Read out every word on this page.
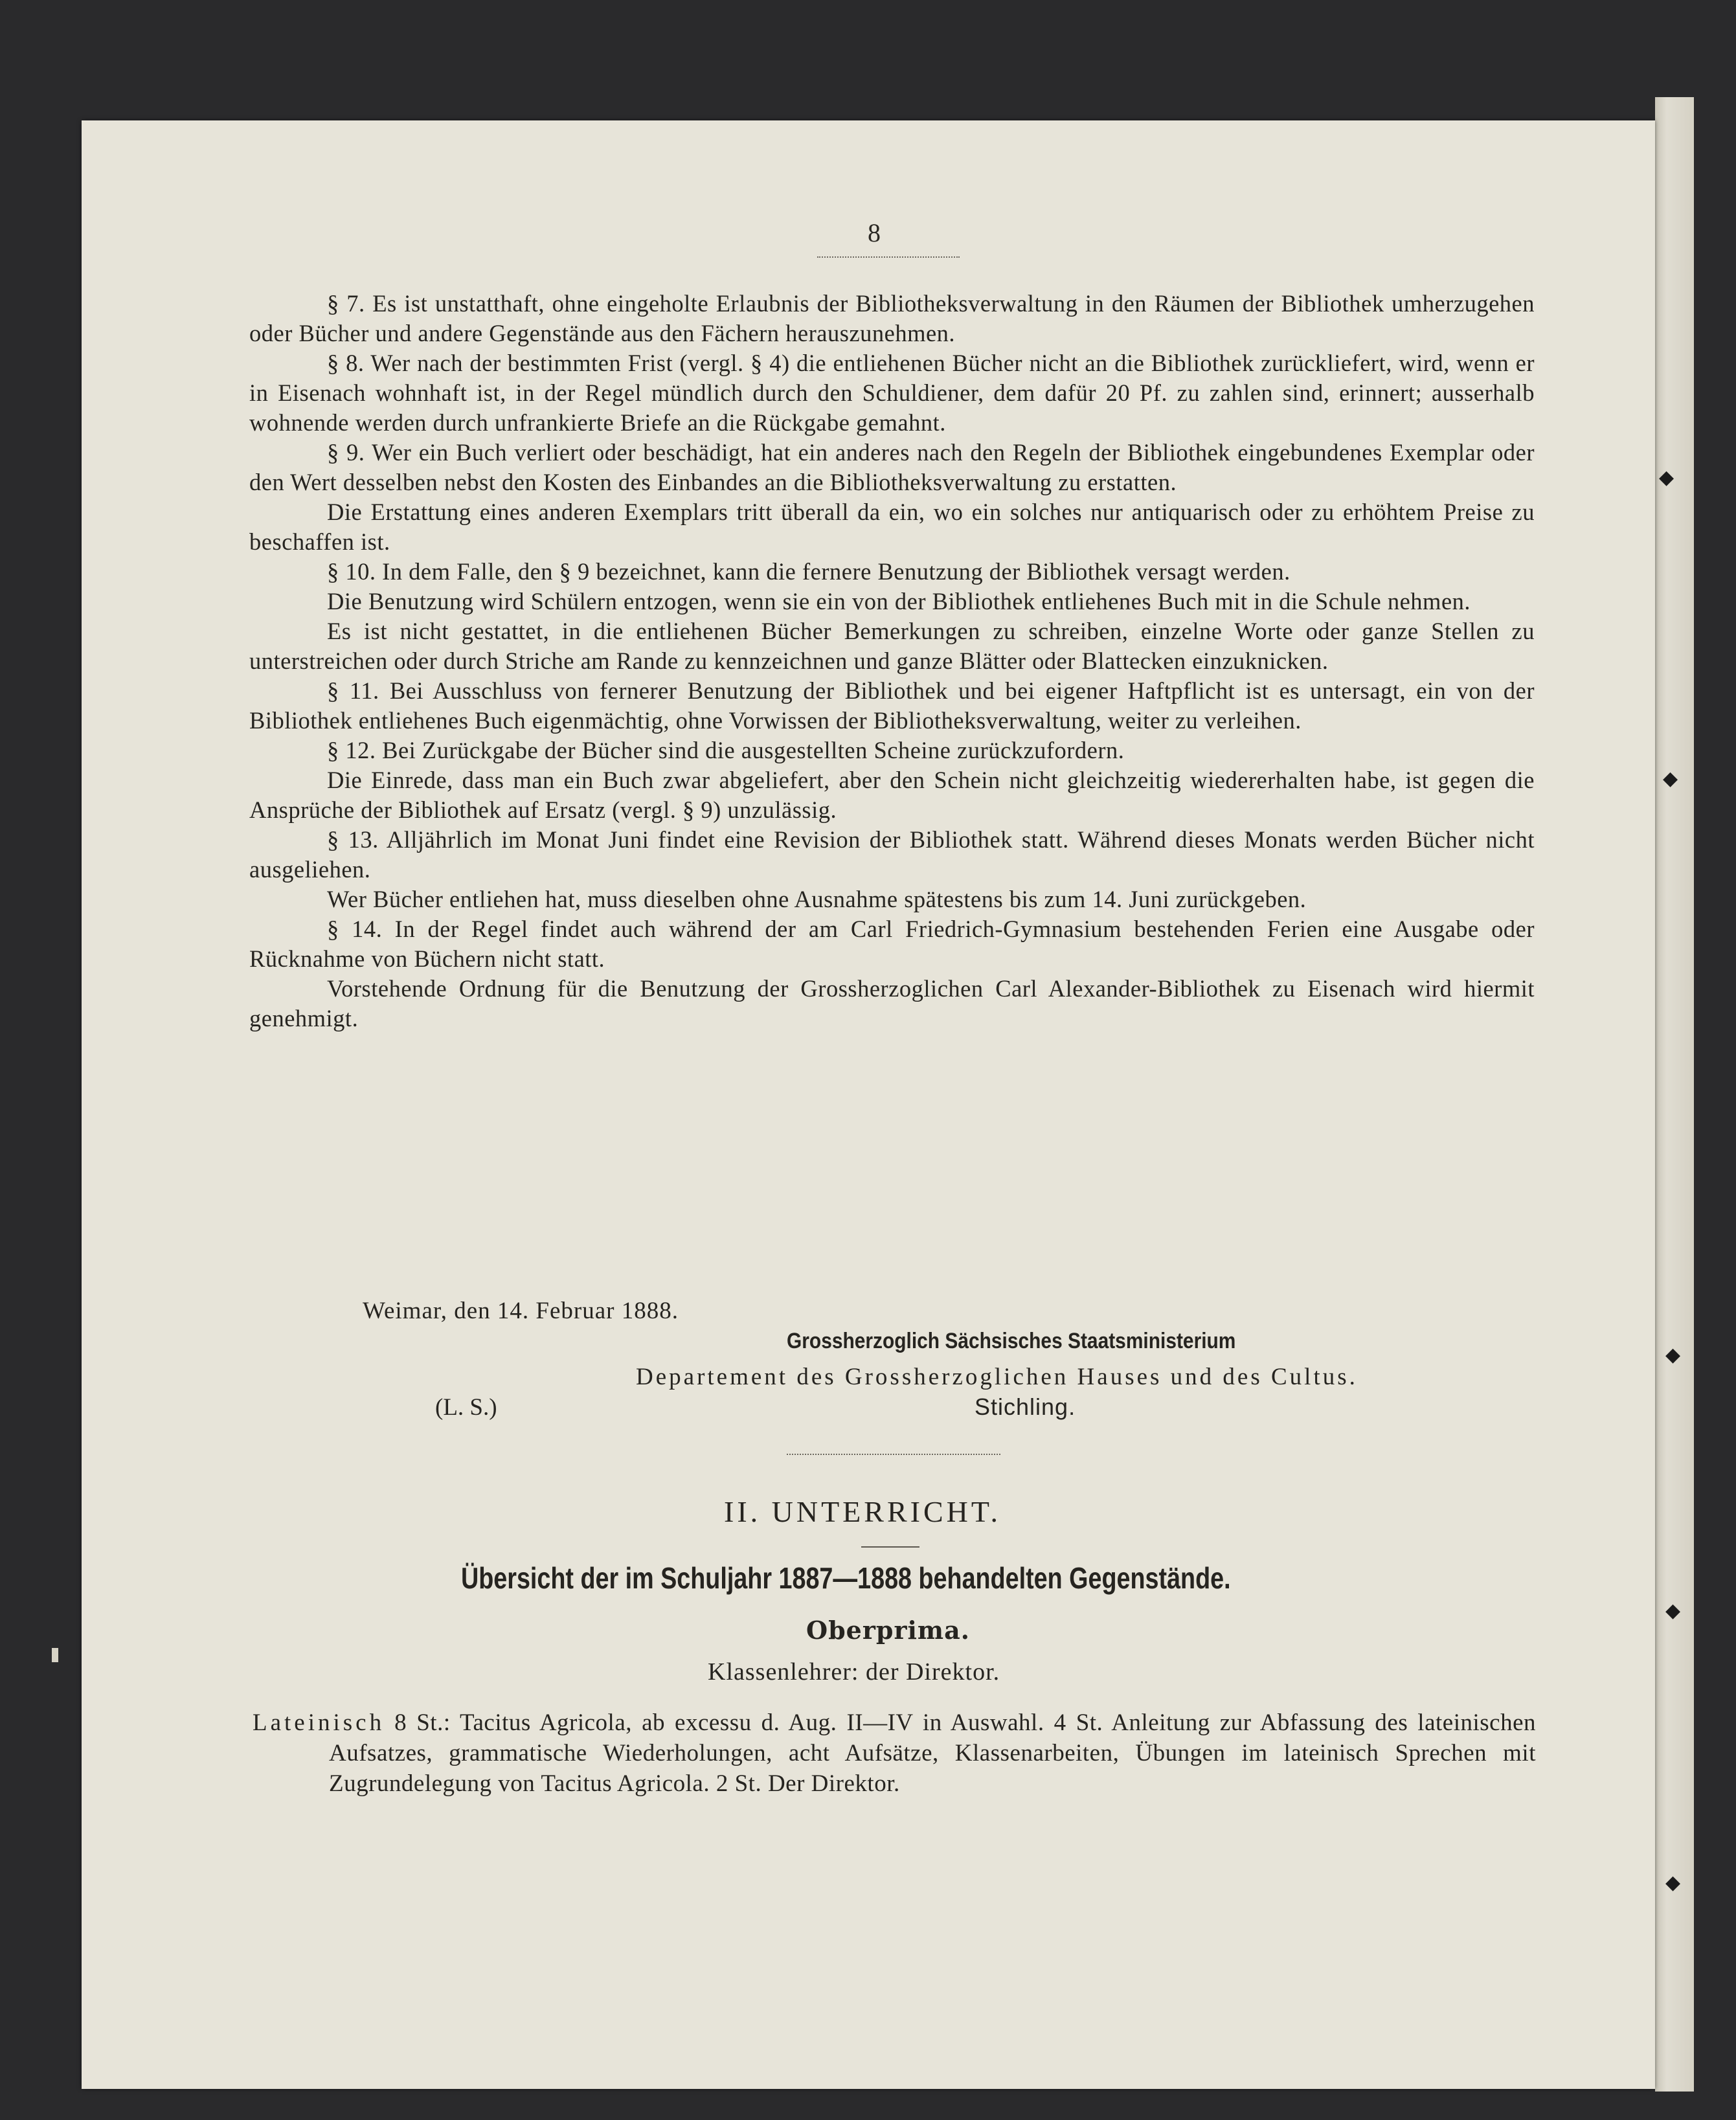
8

§ 7. Es ist unstatthaft, ohne eingeholte Erlaubnis der Bibliotheksverwaltung in den Räumen der Bibliothek umherzugehen oder Bücher und andere Gegenstände aus den Fächern herauszunehmen.

§ 8. Wer nach der bestimmten Frist (vergl. § 4) die entliehenen Bücher nicht an die Bibliothek zurückliefert, wird, wenn er in Eisenach wohnhaft ist, in der Regel mündlich durch den Schuldiener, dem dafür 20 Pf. zu zahlen sind, erinnert; ausserhalb wohnende werden durch unfrankierte Briefe an die Rückgabe gemahnt.

§ 9. Wer ein Buch verliert oder beschädigt, hat ein anderes nach den Regeln der Bibliothek eingebundenes Exemplar oder den Wert desselben nebst den Kosten des Einbandes an die Bibliotheksverwaltung zu erstatten.

Die Erstattung eines anderen Exemplars tritt überall da ein, wo ein solches nur antiquarisch oder zu erhöhtem Preise zu beschaffen ist.

§ 10. In dem Falle, den § 9 bezeichnet, kann die fernere Benutzung der Bibliothek versagt werden.

Die Benutzung wird Schülern entzogen, wenn sie ein von der Bibliothek entliehenes Buch mit in die Schule nehmen.

Es ist nicht gestattet, in die entliehenen Bücher Bemerkungen zu schreiben, einzelne Worte oder ganze Stellen zu unterstreichen oder durch Striche am Rande zu kennzeichnen und ganze Blätter oder Blattecken einzuknicken.

§ 11. Bei Ausschluss von fernerer Benutzung der Bibliothek und bei eigener Haftpflicht ist es untersagt, ein von der Bibliothek entliehenes Buch eigenmächtig, ohne Vorwissen der Bibliotheksverwaltung, weiter zu verleihen.

§ 12. Bei Zurückgabe der Bücher sind die ausgestellten Scheine zurückzufordern.

Die Einrede, dass man ein Buch zwar abgeliefert, aber den Schein nicht gleichzeitig wiedererhalten habe, ist gegen die Ansprüche der Bibliothek auf Ersatz (vergl. § 9) unzulässig.

§ 13. Alljährlich im Monat Juni findet eine Revision der Bibliothek statt. Während dieses Monats werden Bücher nicht ausgeliehen.

Wer Bücher entliehen hat, muss dieselben ohne Ausnahme spätestens bis zum 14. Juni zurückgeben.

§ 14. In der Regel findet auch während der am Carl Friedrich-Gymnasium bestehenden Ferien eine Ausgabe oder Rücknahme von Büchern nicht statt.

Vorstehende Ordnung für die Benutzung der Grossherzoglichen Carl Alexander-Bibliothek zu Eisenach wird hiermit genehmigt.

Weimar, den 14. Februar 1888.
Grossherzoglich Sächsisches Staatsministerium
Departement des Grossherzoglichen Hauses und des Cultus.
(L. S.)	Stichling.
II. UNTERRICHT.
Übersicht der im Schuljahr 1887—1888 behandelten Gegenstände.
Oberprima.
Klassenlehrer: der Direktor.

Lateinisch 8 St.: Tacitus Agricola, ab excessu d. Aug. II—IV in Auswahl. 4 St. Anleitung zur Abfassung des lateinischen Aufsatzes, grammatische Wiederholungen, acht Aufsätze, Klassenarbeiten, Übungen im lateinisch Sprechen mit Zugrundelegung von Tacitus Agricola. 2 St. Der Direktor.

◆
◆
◆
◆
◆
